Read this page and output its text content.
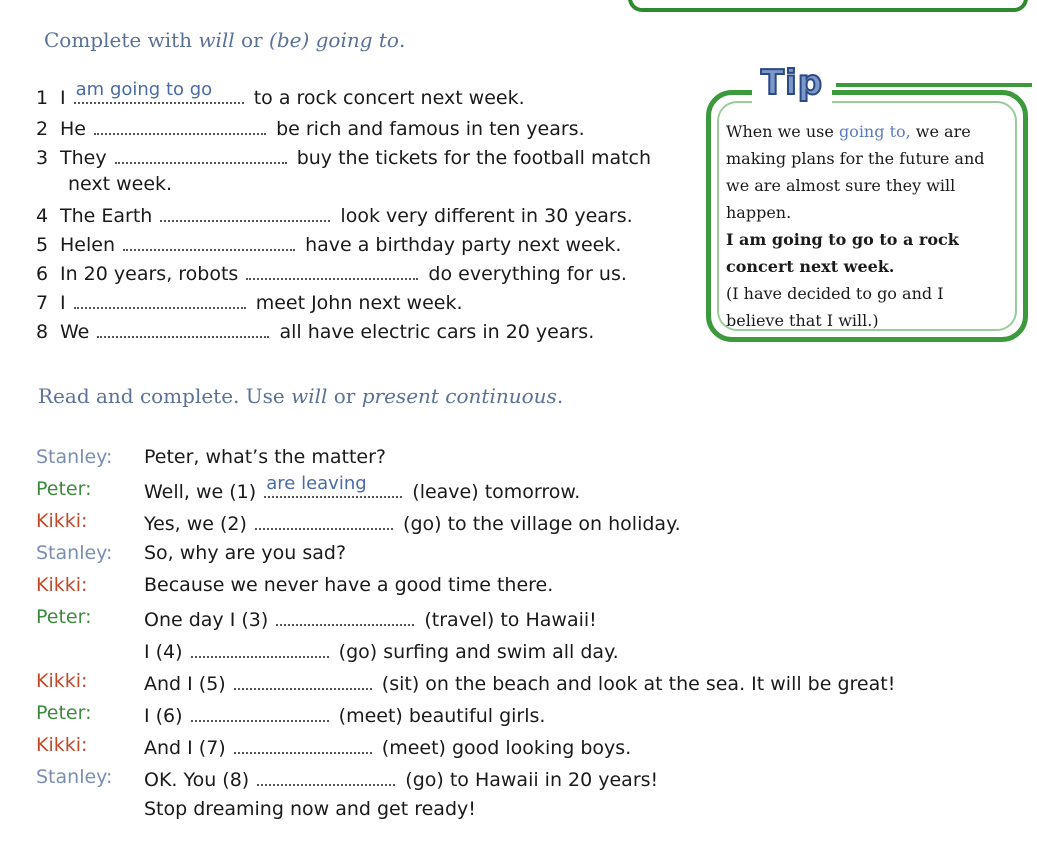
Complete with will or (be) going to.
1 I am going to go to a rock concert next week.
2 He	be rich and famous in ten years.
3 They	buy the tickets for the football match
next week.
4 The Earth	look very different in 30 years.
5 Helen	have a birthday party next week.
6 In 20 years, robots	do everything for us.
7 I	meet John next week.
8 We	all have electric cars in 20 years.
Tip
When we use going to, we are
making plans for the future and
we are almost sure they will
happen.
I am going to go to a rock
concert next week.
(I have decided to go and I
believe that I will.)
Read and complete. Use will or present continuous.
Stanley: Peter, what’s the matter?
Peter:	Well, we (1) are leaving (leave) tomorrow.
Kikki:	Yes, we (2)	(go) to the village on holiday.
Stanley: So, why are you sad?
Kikki:	Because we never have a good time there.
Peter:	One day I (3)	(travel) to Hawaii!
I (4)	(go) surfing and swim all day.
Kikki:	And I (5)	(sit) on the beach and look at the sea. It will be great!
Peter:	I (6)	(meet) beautiful girls.
Kikki:	And I (7)	(meet) good looking boys.
Stanley: OK. You (8)	(go) to Hawaii in 20 years!
Stop dreaming now and get ready!
